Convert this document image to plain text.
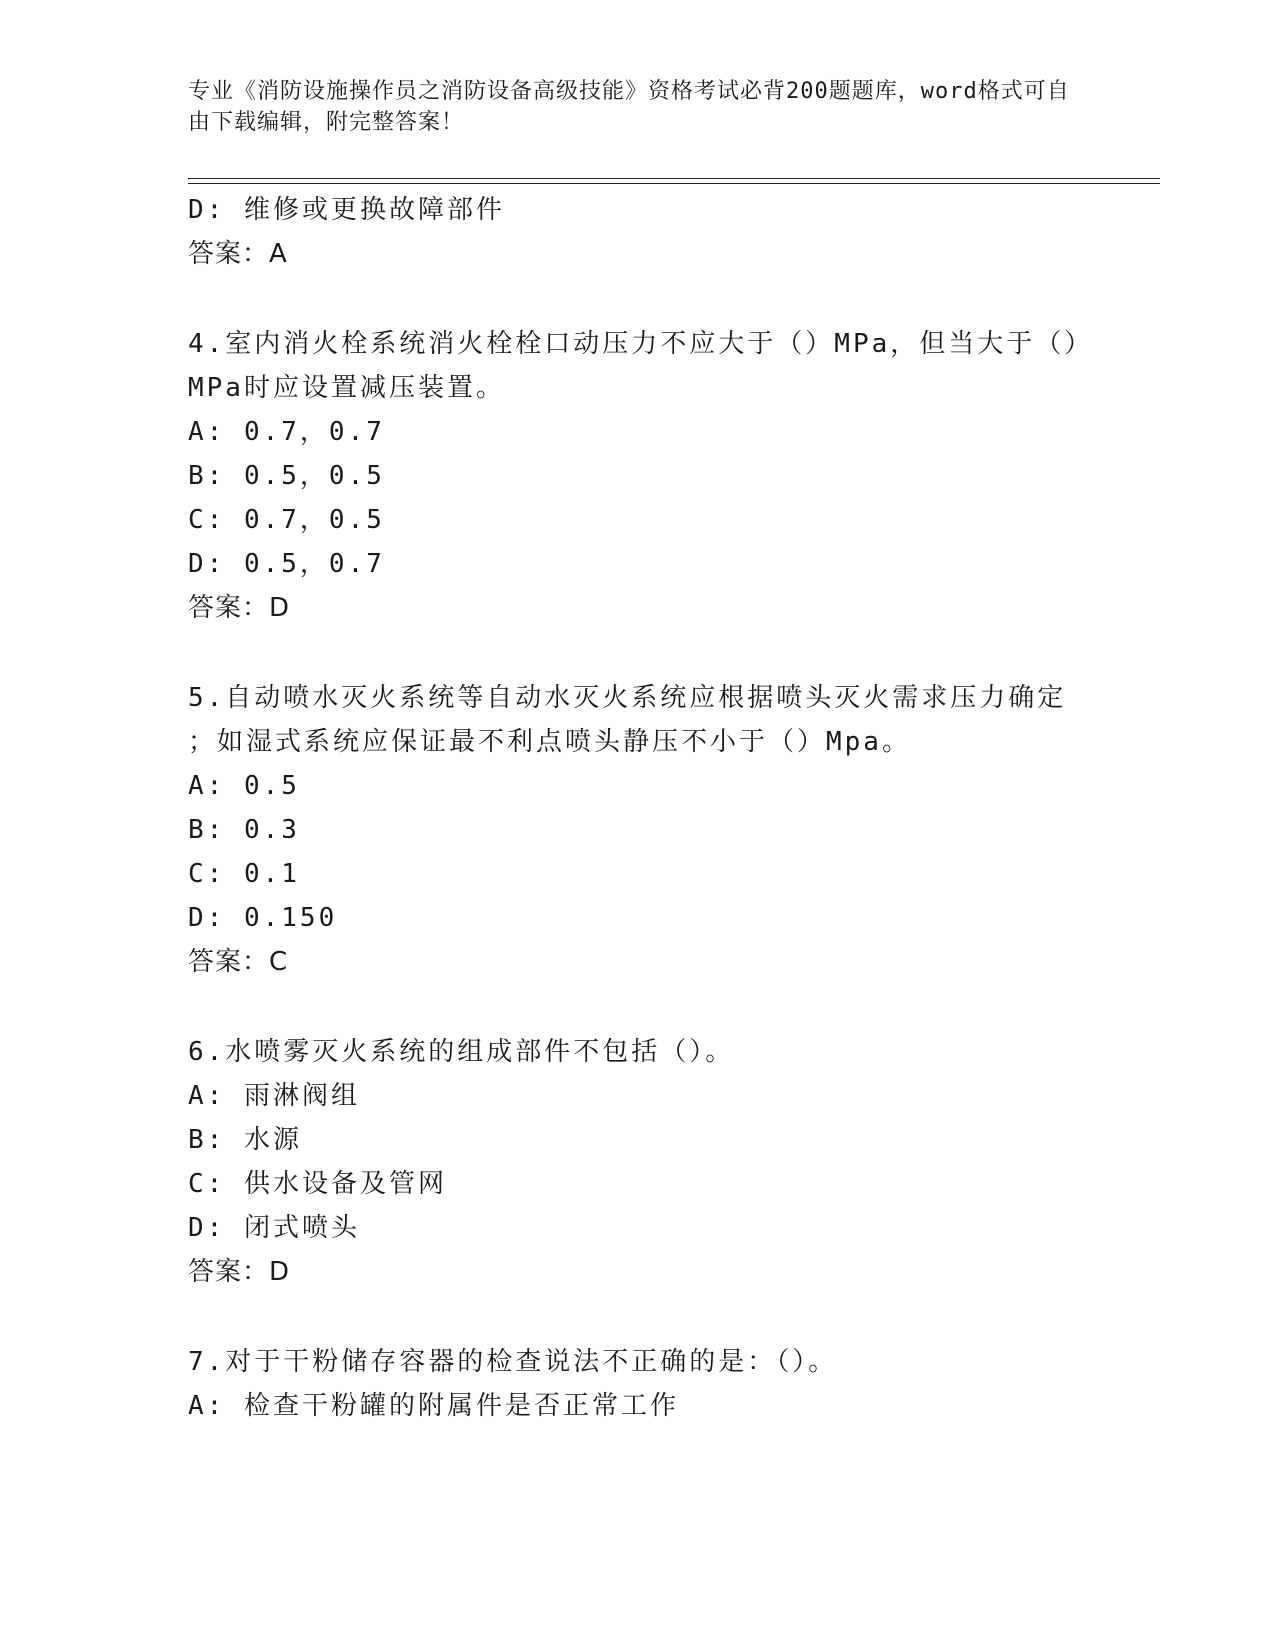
专业《消防设施操作员之消防设备高级技能》资格考试必背200题题库，word格式可自由下载编辑，附完整答案！
D: 维修或更换故障部件
答案：A
4.室内消火栓系统消火栓栓口动压力不应大于（）MPa，但当大于（）
MPa时应设置减压装置。
A: 0.7，0.7
B: 0.5，0.5
C: 0.7，0.5
D: 0.5，0.7
答案：D
5.自动喷水灭火系统等自动水灭火系统应根据喷头灭火需求压力确定
；如湿式系统应保证最不利点喷头静压不小于（）Mpa。
A: 0.5
B: 0.3
C: 0.1
D: 0.150
答案：C
6.水喷雾灭火系统的组成部件不包括（）。
A: 雨淋阀组
B: 水源
C: 供水设备及管网
D: 闭式喷头
答案：D
7.对于干粉储存容器的检查说法不正确的是：（）。
A: 检查干粉罐的附属件是否正常工作
